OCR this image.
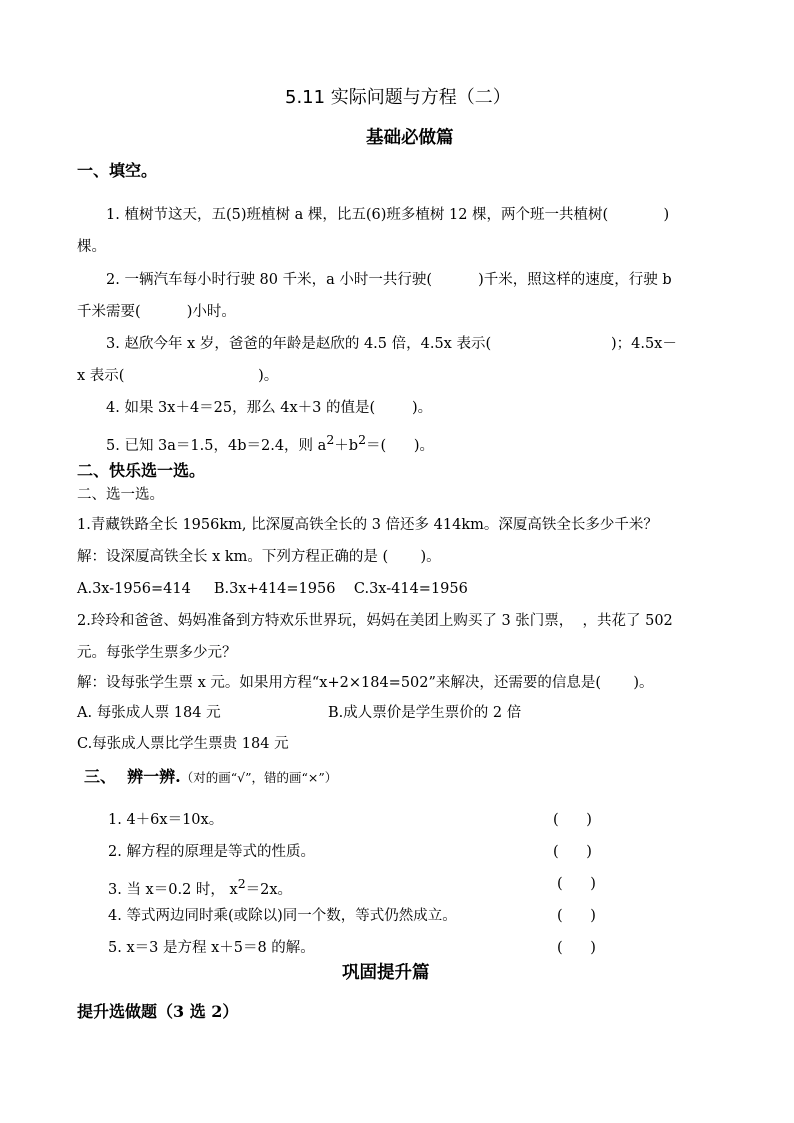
5.11 实际问题与方程（二）
基础必做篇
一、填空。
1. 植树节这天，五(5)班植树 a 棵，比五(6)班多植树 12 棵，两个班一共植树(            )
棵。
2. 一辆汽车每小时行驶 80 千米，a 小时一共行驶(          )千米，照这样的速度，行驶 b
千米需要(          )小时。
3. 赵欣今年 x 岁，爸爸的年龄是赵欣的 4.5 倍，4.5x 表示(                          )；4.5x－
x 表示(                             )。
4. 如果 3x＋4＝25，那么 4x＋3 的值是(        )。
5. 已知 3a＝1.5，4b＝2.4，则 $a^2+b^2=$(      )。
二、快乐选一选。
二、选一选。
1.青藏铁路全长 1956km, 比深厦高铁全长的 3 倍还多 414km。深厦高铁全长多少千米？
解：设深厦高铁全长 x km。下列方程正确的是 (       )。
A.3x-1956=414     B.3x+414=1956    C.3x-414=1956
2.玲玲和爸爸、妈妈准备到方特欢乐世界玩，妈妈在美团上购买了 3 张门票，  ，共花了 502
元。每张学生票多少元？
解：设每张学生票 x 元。如果用方程“x+2×184=502”来解决，还需要的信息是(       )。
A. 每张成人票 184 元	B.成人票价是学生票价的 2 倍
C.每张成人票比学生票贵 184 元
三、  辨一辨.（对的画“√”，错的画“×”）
1. 4＋6x＝10x。	(      )
2. 解方程的原理是等式的性质。	(      )
3. 当 x＝0.2 时， $x^2=2x$。	(      )
4. 等式两边同时乘(或除以)同一个数，等式仍然成立。	(      )
5. x＝3 是方程 x＋5＝8 的解。	(      )
巩固提升篇
提升选做题（3 选 2）
